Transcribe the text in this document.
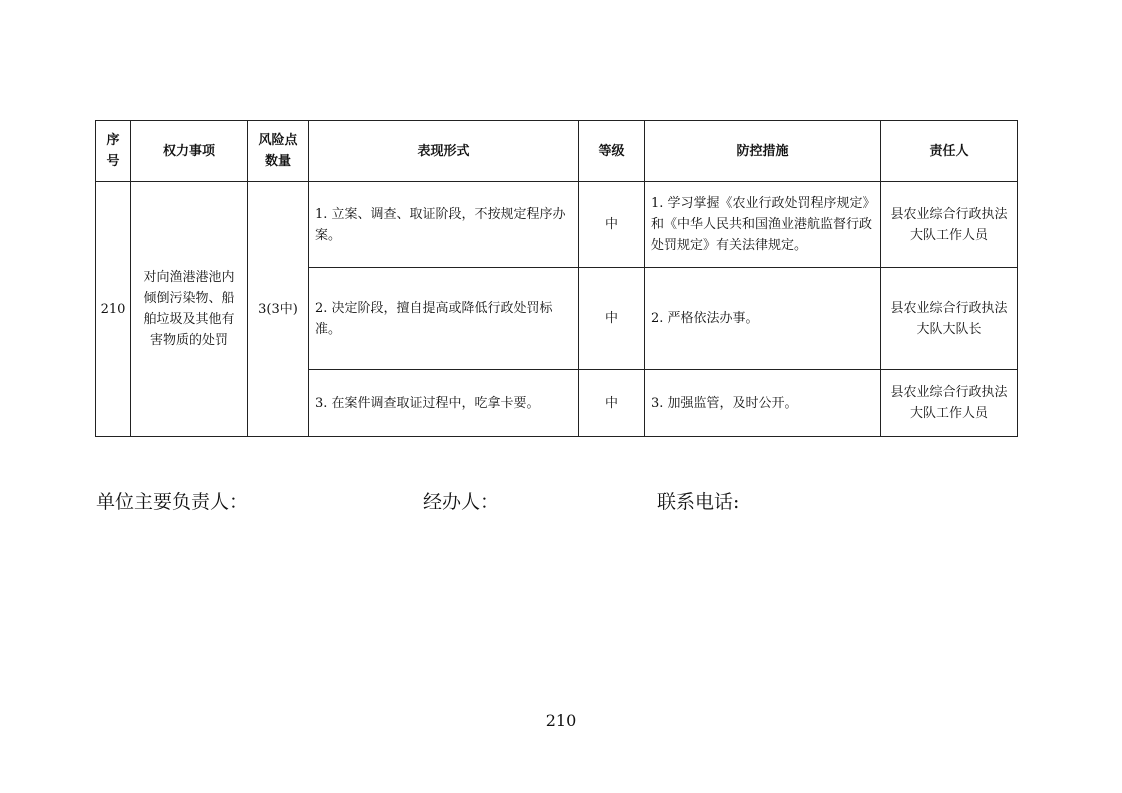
序号	权力事项	风险点数量	表现形式	等级	防控措施	责任人
210	对向渔港港池内倾倒污染物、船舶垃圾及其他有害物质的处罚	3(3中)	1. 立案、调查、取证阶段，不按规定程序办案。	中	1. 学习掌握《农业行政处罚程序规定》和《中华人民共和国渔业港航监督行政处罚规定》有关法律规定。	县农业综合行政执法大队工作人员
			2. 决定阶段，擅自提高或降低行政处罚标准。	中	2. 严格依法办事。	县农业综合行政执法大队大队长
			3. 在案件调查取证过程中，吃拿卡要。	中	3. 加强监管，及时公开。	县农业综合行政执法大队工作人员
单位主要负责人：	经办人：	联系电话:
210
